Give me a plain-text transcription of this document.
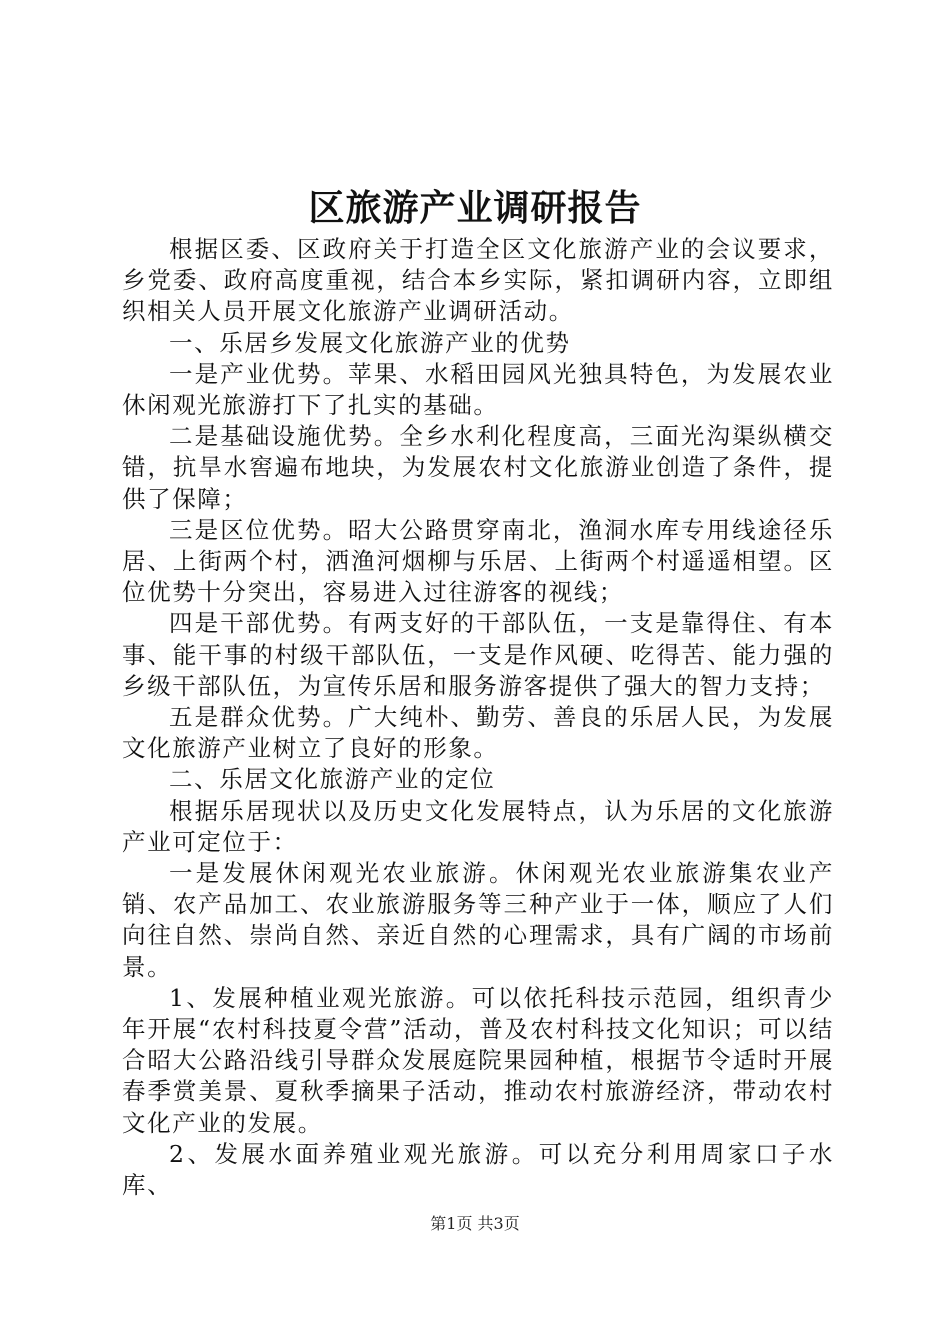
区旅游产业调研报告

根据区委、区政府关于打造全区文化旅游产业的会议要求，乡党委、政府高度重视，结合本乡实际，紧扣调研内容，立即组织相关人员开展文化旅游产业调研活动。

一、乐居乡发展文化旅游产业的优势

一是产业优势。苹果、水稻田园风光独具特色，为发展农业休闲观光旅游打下了扎实的基础。

二是基础设施优势。全乡水利化程度高，三面光沟渠纵横交错，抗旱水窖遍布地块，为发展农村文化旅游业创造了条件，提供了保障；

三是区位优势。昭大公路贯穿南北，渔洞水库专用线途径乐居、上街两个村，洒渔河烟柳与乐居、上街两个村遥遥相望。区位优势十分突出，容易进入过往游客的视线；

四是干部优势。有两支好的干部队伍，一支是靠得住、有本事、能干事的村级干部队伍，一支是作风硬、吃得苦、能力强的乡级干部队伍，为宣传乐居和服务游客提供了强大的智力支持；

五是群众优势。广大纯朴、勤劳、善良的乐居人民，为发展文化旅游产业树立了良好的形象。

二、乐居文化旅游产业的定位

根据乐居现状以及历史文化发展特点，认为乐居的文化旅游产业可定位于：

一是发展休闲观光农业旅游。休闲观光农业旅游集农业产销、农产品加工、农业旅游服务等三种产业于一体，顺应了人们向往自然、崇尚自然、亲近自然的心理需求，具有广阔的市场前景。

1、发展种植业观光旅游。可以依托科技示范园，组织青少年开展“农村科技夏令营”活动，普及农村科技文化知识；可以结合昭大公路沿线引导群众发展庭院果园种植，根据节令适时开展春季赏美景、夏秋季摘果子活动，推动农村旅游经济，带动农村文化产业的发展。

2、发展水面养殖业观光旅游。可以充分利用周家口子水库、

第1页 共3页
